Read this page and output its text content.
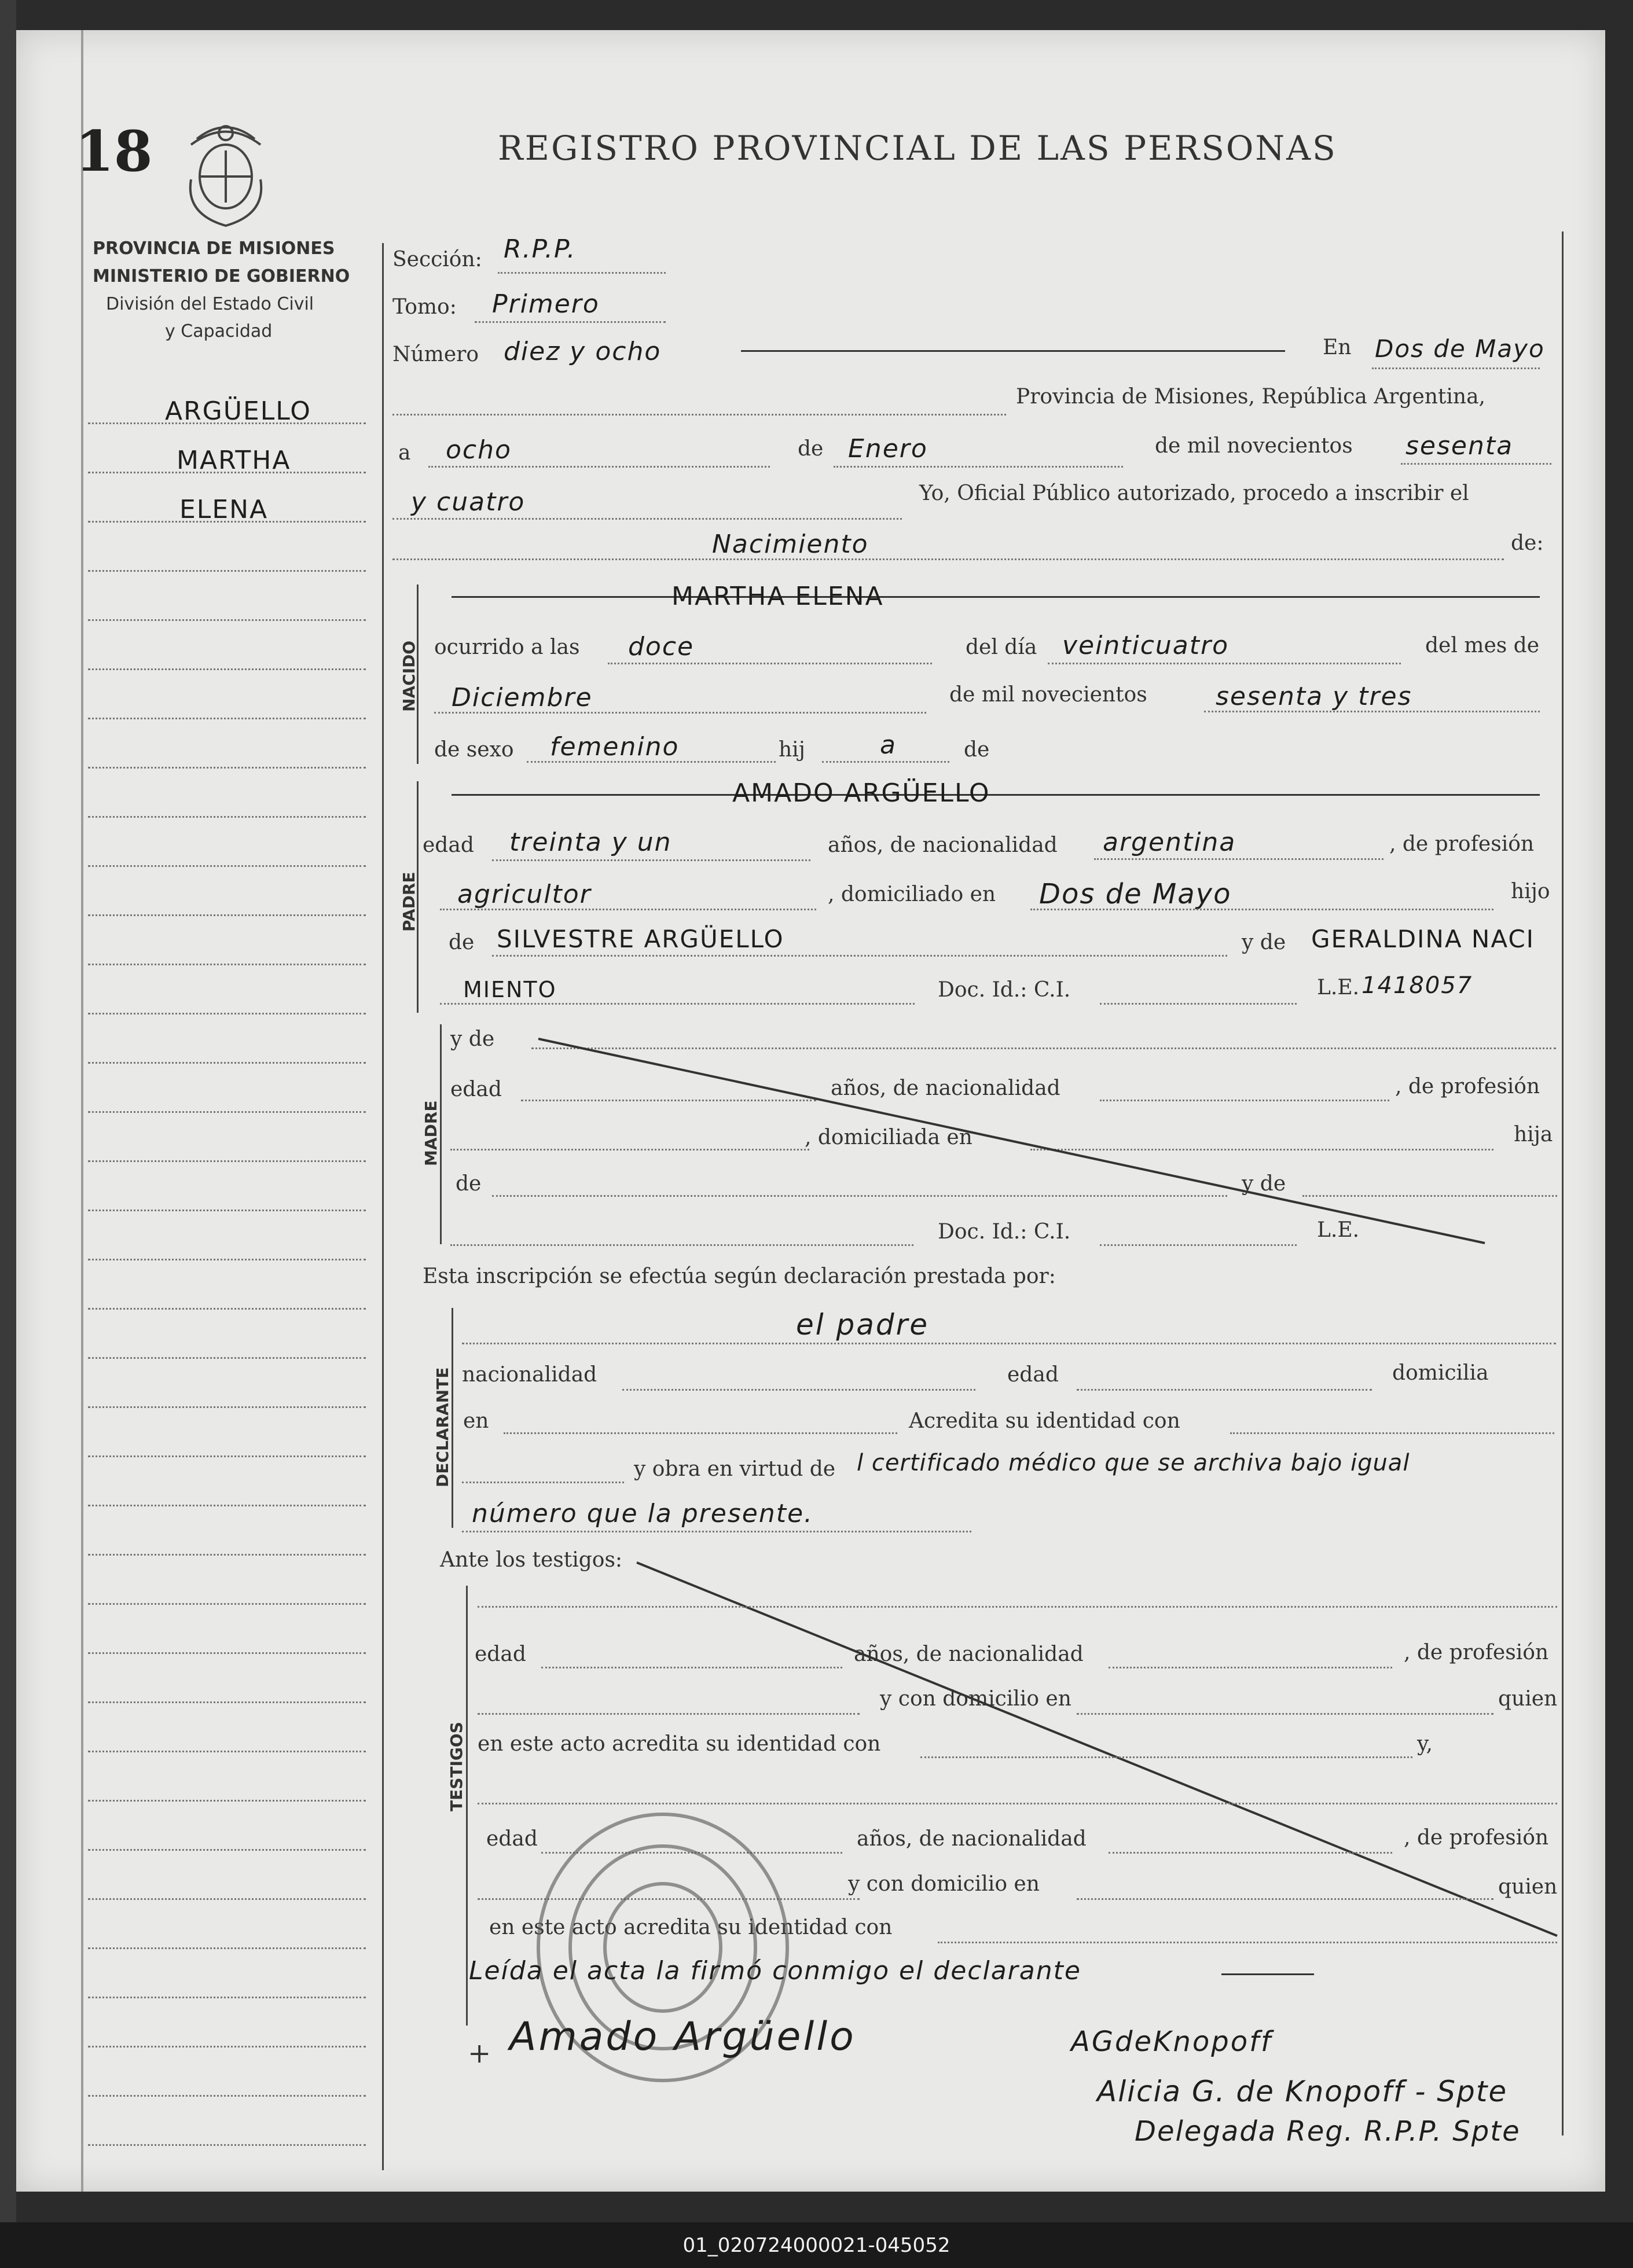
18	REGISTRO PROVINCIAL DE LAS PERSONAS
PROVINCIA DE MISIONES
MINISTERIO DE GOBIERNO
División del Estado Civil
y Capacidad
ARGÜELLO
MARTHA
ELENA
Sección: R.P.P.
Tomo: Primero
Número diez y ocho	En Dos de Mayo
Provincia de Misiones, República Argentina,
a ocho	de Enero	de mil novecientos sesenta
y cuatro	Yo, Oficial Público autorizado, procedo a inscribir el
Nacimiento	de:
NACIDO
MARTHA ELENA
ocurrido a las doce	del día veinticuatro	del mes de
Diciembre	de mil novecientos	sesenta y tres
de sexo femenino	hij	a	de
PADRE
AMADO ARGÜELLO
edad treinta y un	años, de nacionalidad argentina	, de profesión
agricultor	, domiciliado en Dos de Mayo	hijo
de SILVESTRE ARGÜELLO	y de GERALDINA NACI
MIENTO	Doc. Id.: C.I.	L.E. 1418057
MADRE
y de
edad	años, de nacionalidad	, de profesión
, domiciliada en	hija
de	y de
Doc. Id.: C.I.	L.E.
Esta inscripción se efectúa según declaración prestada por:
DECLARANTE
el padre
nacionalidad	edad	domicilia
en	Acredita su identidad con
y obra en virtud de l certificado médico que se archiva bajo igual
número que la presente.
Ante los testigos:
TESTIGOS
edad	años, de nacionalidad	, de profesión
y con domicilio en	quien
en este acto acredita su identidad con	y,
edad	años, de nacionalidad	, de profesión
y con domicilio en	quien
en este acto acredita su identidad con
Leída el acta la firmó conmigo el declarante
+ Amado Argüello	AGdeKnopoff
Alicia G. de Knopoff - Spte
Delegada Reg. R.P.P. Spte
01_020724000021-045052
